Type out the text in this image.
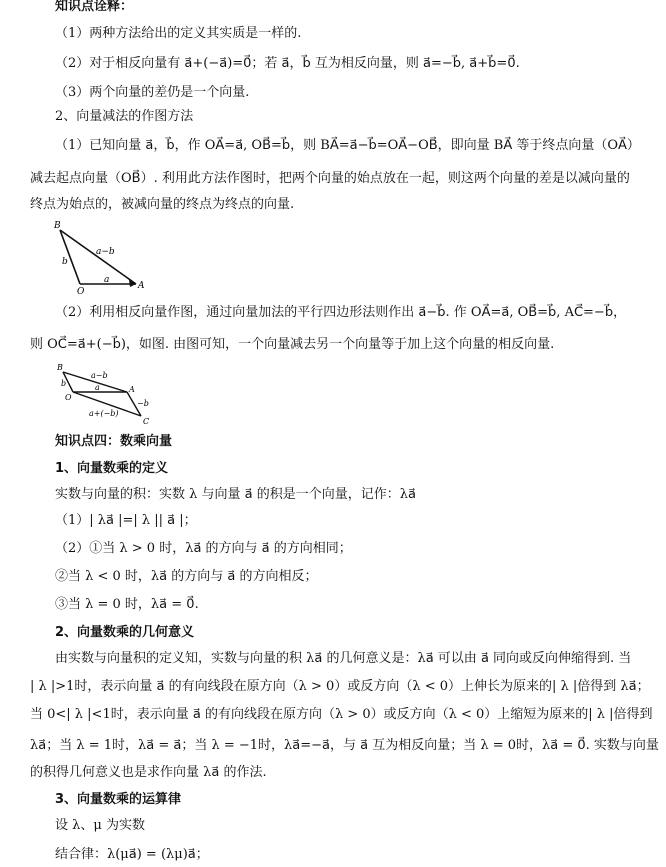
知识点诠释：
（1）两种方法给出的定义其实质是一样的.
（2）对于相反向量有 a⃗+(−a⃗)=0⃗；若 a⃗，b⃗ 互为相反向量，则 a⃗=−b⃗, a⃗+b⃗=0⃗.
（3）两个向量的差仍是一个向量.
2、向量减法的作图方法
（1）已知向量 a⃗，b⃗，作 OA⃗=a⃗, OB⃗=b⃗，则 BA⃗=a⃗−b⃗=OA⃗−OB⃗，即向量 BA⃗ 等于终点向量（OA⃗）
减去起点向量（OB⃗）. 利用此方法作图时，把两个向量的始点放在一起，则这两个向量的差是以减向量的
终点为始点的，被减向量的终点为终点的向量.
B
a−b
b
a
O
A
（2）利用相反向量作图，通过向量加法的平行四边形法则作出 a⃗−b⃗. 作 OA⃗=a⃗, OB⃗=b⃗, AC⃗=−b⃗，
则 OC⃗=a⃗+(−b⃗)，如图. 由图可知，一个向量减去另一个向量等于加上这个向量的相反向量.
B
a−b
b	a	A
O
−b
a+(−b)
C
知识点四：数乘向量
1、向量数乘的定义
实数与向量的积：实数 λ 与向量 a⃗ 的积是一个向量，记作：λa⃗
（1）| λa⃗ |=| λ || a⃗ |；
（2）①当 λ > 0 时，λa⃗ 的方向与 a⃗ 的方向相同；
②当 λ < 0 时，λa⃗ 的方向与 a⃗ 的方向相反；
③当 λ = 0 时，λa⃗ = 0⃗.
2、向量数乘的几何意义
由实数与向量积的定义知，实数与向量的积 λa⃗ 的几何意义是：λa⃗ 可以由 a⃗ 同向或反向伸缩得到. 当
| λ |>1时，表示向量 a⃗ 的有向线段在原方向（λ > 0）或反方向（λ < 0）上伸长为原来的| λ |倍得到 λa⃗；
当 0<| λ |<1时，表示向量 a⃗ 的有向线段在原方向（λ > 0）或反方向（λ < 0）上缩短为原来的| λ |倍得到
λa⃗；当 λ = 1时，λa⃗ = a⃗；当 λ = −1时，λa⃗=−a⃗，与 a⃗ 互为相反向量；当 λ = 0时，λa⃗ = 0⃗. 实数与向量
的积得几何意义也是求作向量 λa⃗ 的作法.
3、向量数乘的运算律
设 λ、μ 为实数
结合律：λ(μa⃗) = (λμ)a⃗；
